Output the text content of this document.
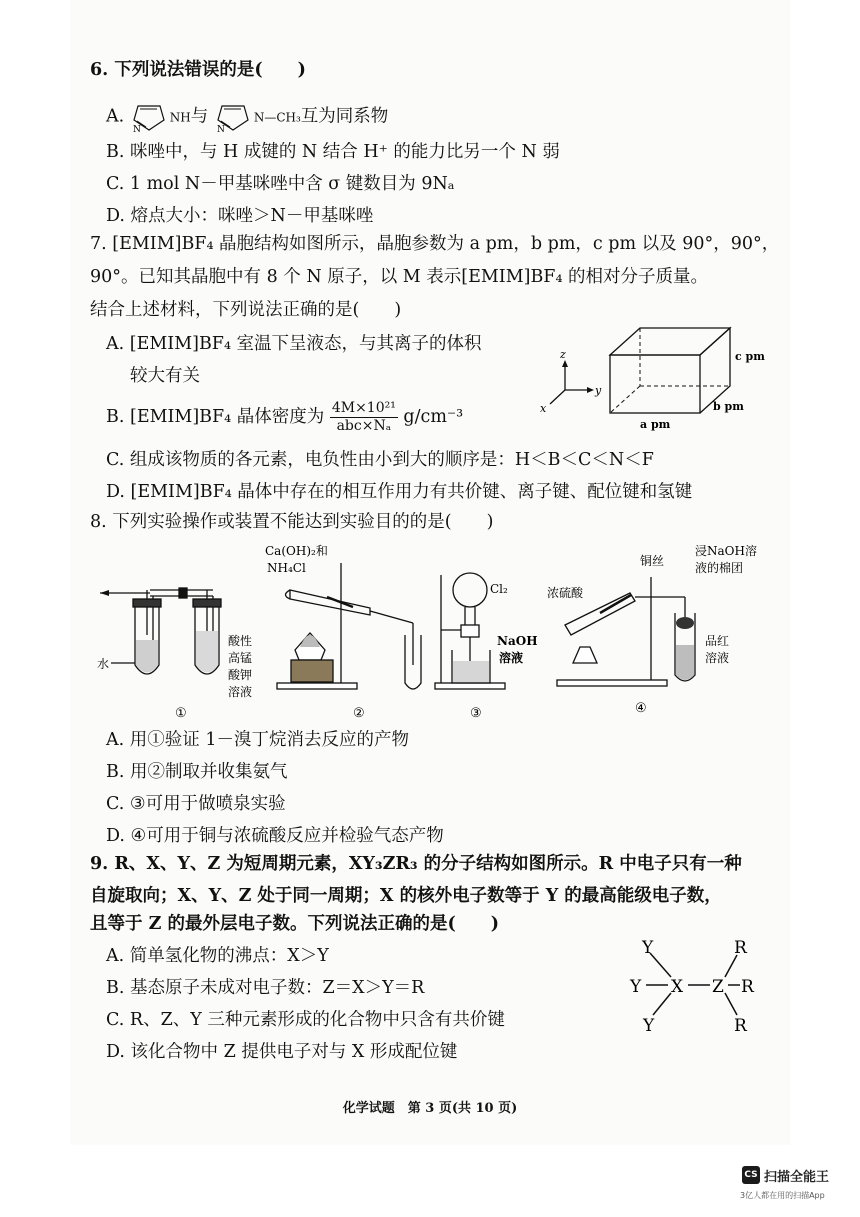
6. 下列说法错误的是(　　)
A.
N
NH与
N
N—CH₃互为同系物
B. 咪唑中，与 H 成键的 N 结合 H⁺ 的能力比另一个 N 弱
C. 1 mol N－甲基咪唑中含 σ 键数目为 9Nₐ
D. 熔点大小：咪唑＞N－甲基咪唑
7. [EMIM]BF₄ 晶胞结构如图所示，晶胞参数为 a pm，b pm，c pm 以及 90°，90°，
90°。已知其晶胞中有 8 个 N 原子，以 M 表示[EMIM]BF₄ 的相对分子质量。
结合上述材料，下列说法正确的是(　　)
A. [EMIM]BF₄ 室温下呈液态，与其离子的体积
较大有关
B. [EMIM]BF₄ 晶体密度为 4M×10²¹
abc×Nₐ g/cm⁻³
C. 组成该物质的各元素，电负性由小到大的顺序是：H＜B＜C＜N＜F
D. [EMIM]BF₄ 晶体中存在的相互作用力有共价键、离子键、配位键和氢键
z
y
x
c pm
b pm
a pm
8. 下列实验操作或装置不能达到实验目的的是(　　)
水
酸性
高锰
酸钾
溶液
①
Ca(OH)₂和
NH₄Cl
②
Cl₂
NaOH
溶液
③
浓硫酸
铜丝
浸NaOH溶
液的棉团
品红
溶液
④
A. 用①验证 1－溴丁烷消去反应的产物
B. 用②制取并收集氨气
C. ③可用于做喷泉实验
D. ④可用于铜与浓硫酸反应并检验气态产物
9. R、X、Y、Z 为短周期元素，XY₃ZR₃ 的分子结构如图所示。R 中电子只有一种
自旋取向；X、Y、Z 处于同一周期；X 的核外电子数等于 Y 的最高能级电子数，
且等于 Z 的最外层电子数。下列说法正确的是(　　)
A. 简单氢化物的沸点：X＞Y
B. 基态原子未成对电子数：Z＝X＞Y＝R
C. R、Z、Y 三种元素形成的化合物中只含有共价键
D. 该化合物中 Z 提供电子对与 X 形成配位键
Y
Y
Y
X Z
R
R
R
化学试题　第 3 页(共 10 页)
CS 扫描全能王
3亿人都在用的扫描App
